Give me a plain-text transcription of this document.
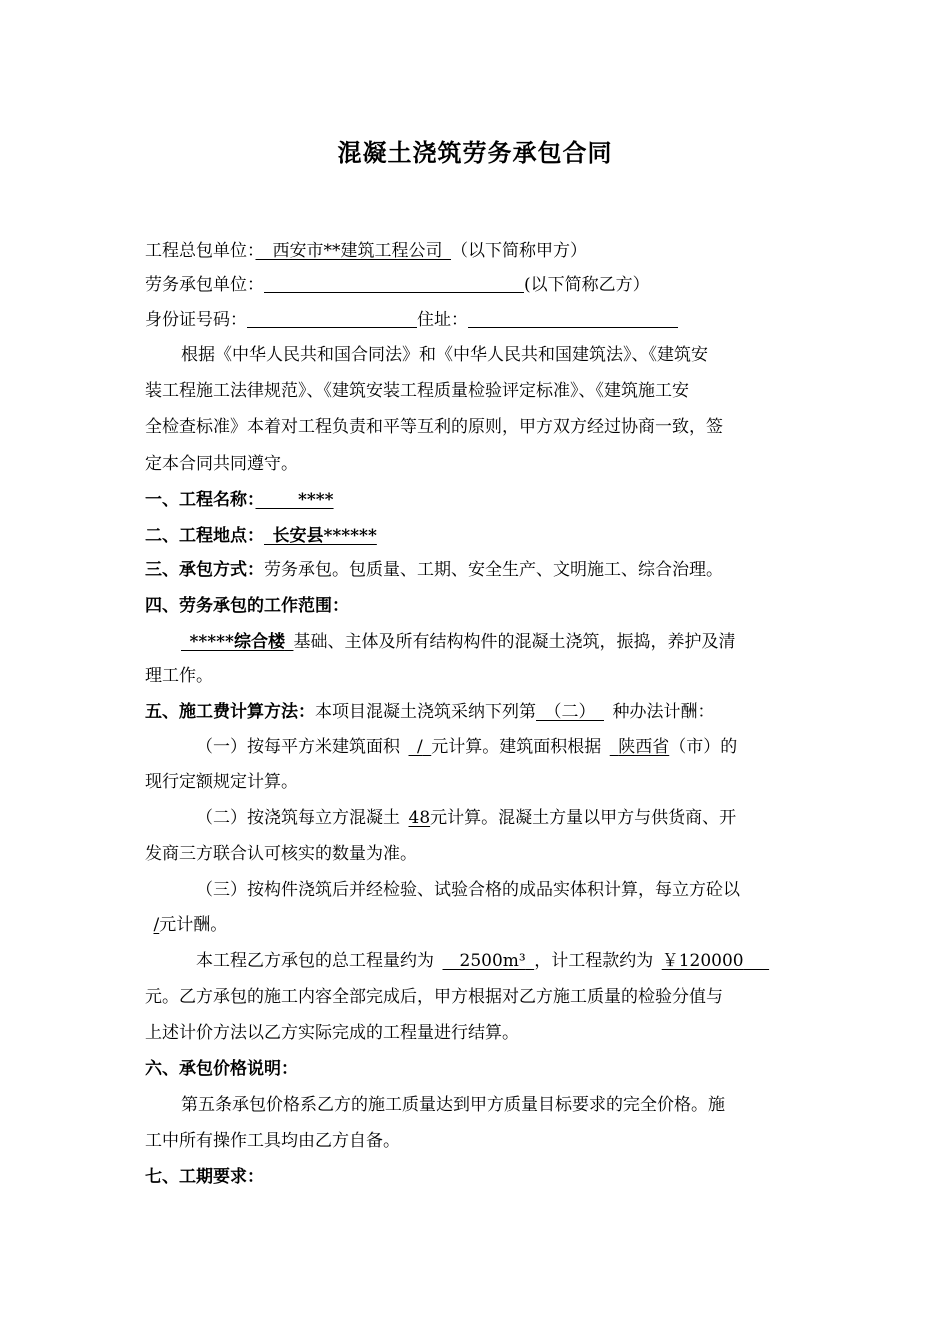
混凝土浇筑劳务承包合同
工程总包单位：　 西安市**建筑工程公司  （以下简称甲方）
劳务承包单位：	(以下简称乙方）
身份证号码：	住址：
根据《中华人民共和国合同法》和《中华人民共和国建筑法》、《建筑安
装工程施工法律规范》、《建筑安装工程质量检验评定标准》、《建筑施工安
全检查标准》本着对工程负责和平等互利的原则，甲方双方经过协商一致，签
定本合同共同遵守。
一、工程名称：　　 	****
二、工程地点：  长安县******
三、承包方式：劳务承包。包质量、工期、安全生产、文明施工、综合治理。
四、劳务承包的工作范围：
 *****综合楼  基础、主体及所有结构构件的混凝土浇筑，振捣，养护及清
理工作。
五、施工费计算方法：本项目混凝土浇筑采纳下列第  （二）   种办法计酬：
（一）按每平方米建筑面积   /  元计算。建筑面积根据   陕西省（市）的
现行定额规定计算。
（二）按浇筑每立方混凝土  48元计算。混凝土方量以甲方与供货商、开
发商三方联合认可核实的数量为准。
（三）按构件浇筑后并经检验、试验合格的成品实体积计算，每立方砼以
 /元计酬。
本工程乙方承包的总工程量约为    2500m³  ，计工程款约为  ￥120000　 
元。乙方承包的施工内容全部完成后，甲方根据对乙方施工质量的检验分值与
上述计价方法以乙方实际完成的工程量进行结算。
六、承包价格说明：
第五条承包价格系乙方的施工质量达到甲方质量目标要求的完全价格。施
工中所有操作工具均由乙方自备。
七、工期要求：
